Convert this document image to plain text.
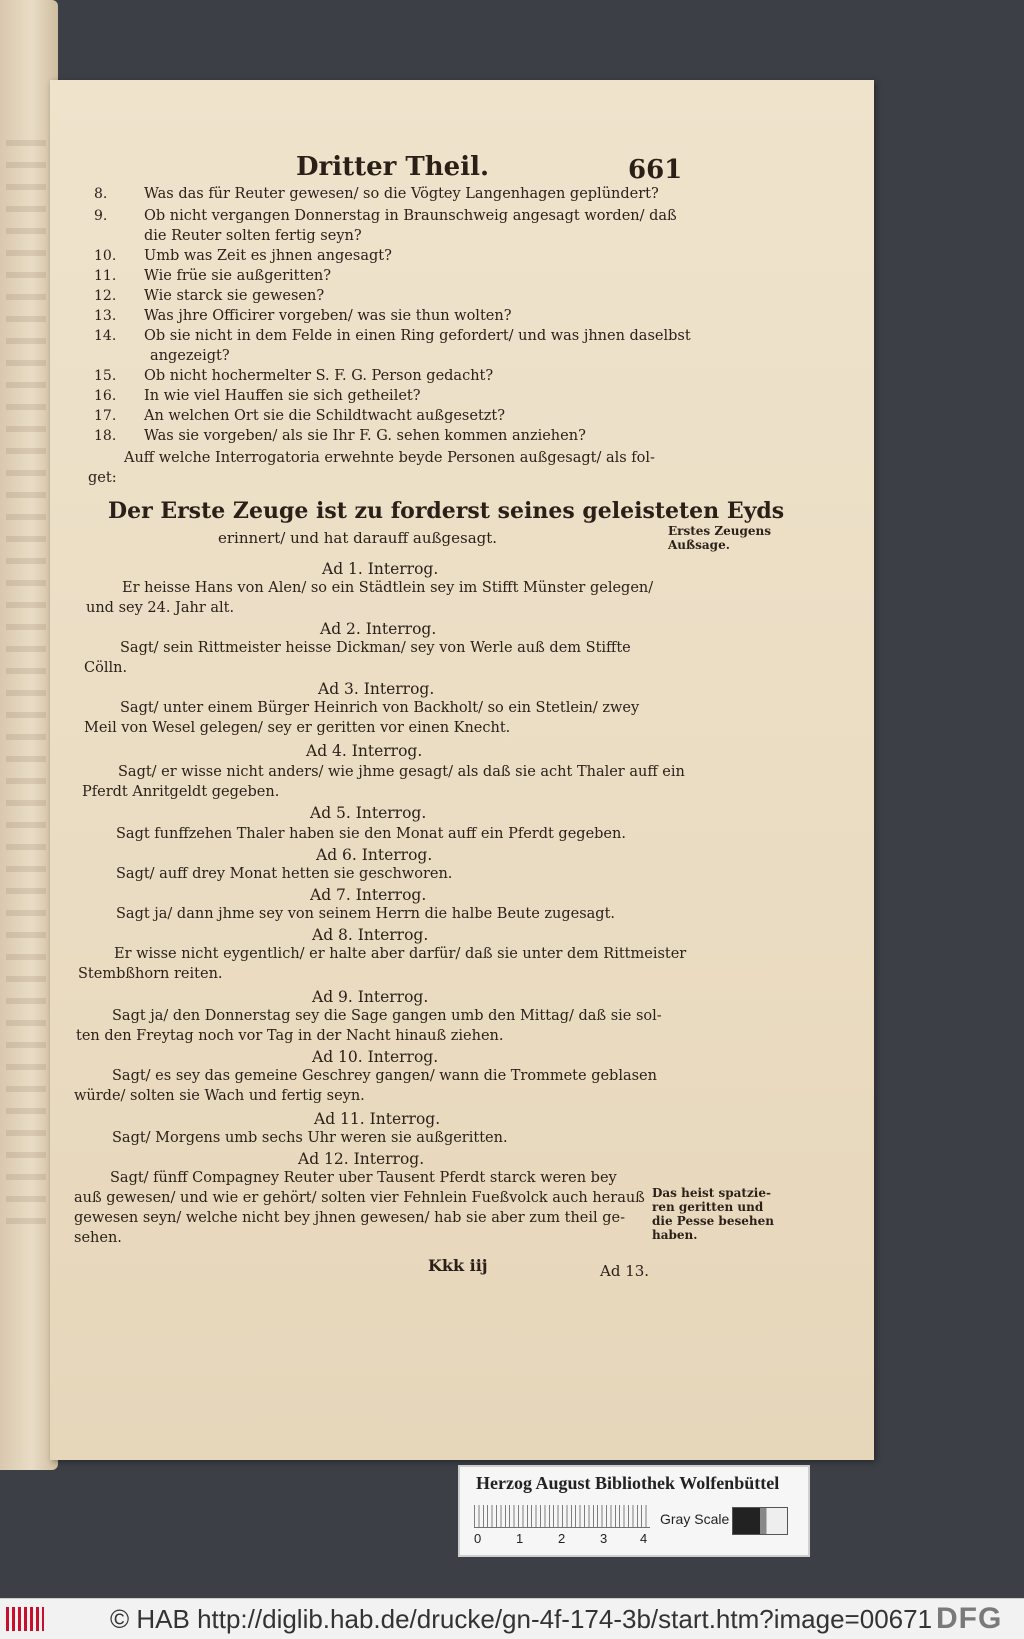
Dritter Theil.	661
8.	Was das für Reuter gewesen/ so die Vögtey Langenhagen geplündert?
9.	Ob nicht vergangen Donnerstag in Braunschweig angesagt worden/ daß
die Reuter solten fertig seyn?
10. Umb was Zeit es jhnen angesagt?
11. Wie früe sie außgeritten?
12. Wie starck sie gewesen?
13. Was jhre Officirer vorgeben/ was sie thun wolten?
14. Ob sie nicht in dem Felde in einen Ring gefordert/ und was jhnen daselbst
angezeigt?
15. Ob nicht hochermelter S. F. G. Person gedacht?
16. In wie viel Hauffen sie sich getheilet?
17. An welchen Ort sie die Schildtwacht außgesetzt?
18. Was sie vorgeben/ als sie Ihr F. G. sehen kommen anziehen?
Auff welche Interrogatoria erwehnte beyde Personen außgesagt/ als fol-
get:
Der Erste Zeuge ist zu forderst seines geleisteten Eyds
erinnert/ und hat darauff außgesagt.	Erstes Zeugens
Außsage.
Ad 1. Interrog.
Er heisse Hans von Alen/ so ein Städtlein sey im Stifft Münster gelegen/
und sey 24. Jahr alt.
Ad 2. Interrog.
Sagt/ sein Rittmeister heisse Dickman/ sey von Werle auß dem Stiffte
Cölln.
Ad 3. Interrog.
Sagt/ unter einem Bürger Heinrich von Backholt/ so ein Stetlein/ zwey
Meil von Wesel gelegen/ sey er geritten vor einen Knecht.
Ad 4. Interrog.
Sagt/ er wisse nicht anders/ wie jhme gesagt/ als daß sie acht Thaler auff ein
Pferdt Anritgeldt gegeben.
Ad 5. Interrog.
Sagt funffzehen Thaler haben sie den Monat auff ein Pferdt gegeben.
Ad 6. Interrog.
Sagt/ auff drey Monat hetten sie geschworen.
Ad 7. Interrog.
Sagt ja/ dann jhme sey von seinem Herrn die halbe Beute zugesagt.
Ad 8. Interrog.
Er wisse nicht eygentlich/ er halte aber darfür/ daß sie unter dem Rittmeister
Stembßhorn reiten.
Ad 9. Interrog.
Sagt ja/ den Donnerstag sey die Sage gangen umb den Mittag/ daß sie sol-
ten den Freytag noch vor Tag in der Nacht hinauß ziehen.
Ad 10. Interrog.
Sagt/ es sey das gemeine Geschrey gangen/ wann die Trommete geblasen
würde/ solten sie Wach und fertig seyn.
Ad 11. Interrog.
Sagt/ Morgens umb sechs Uhr weren sie außgeritten.
Ad 12. Interrog.
Sagt/ fünff Compagney Reuter uber Tausent Pferdt starck weren bey
auß gewesen/ und wie er gehört/ solten vier Fehnlein Fueßvolck auch herauß
gewesen seyn/ welche nicht bey jhnen gewesen/ hab sie aber zum theil ge-
sehen.
Das heist spatzie-
ren geritten und
die Pesse besehen
haben.
Kkk iij	Ad 13.
Herzog August Bibliothek Wolfenbüttel
0	1	2	3	4
Gray Scale
© HAB http://diglib.hab.de/drucke/gn-4f-174-3b/start.htm?image=00671 DFG
